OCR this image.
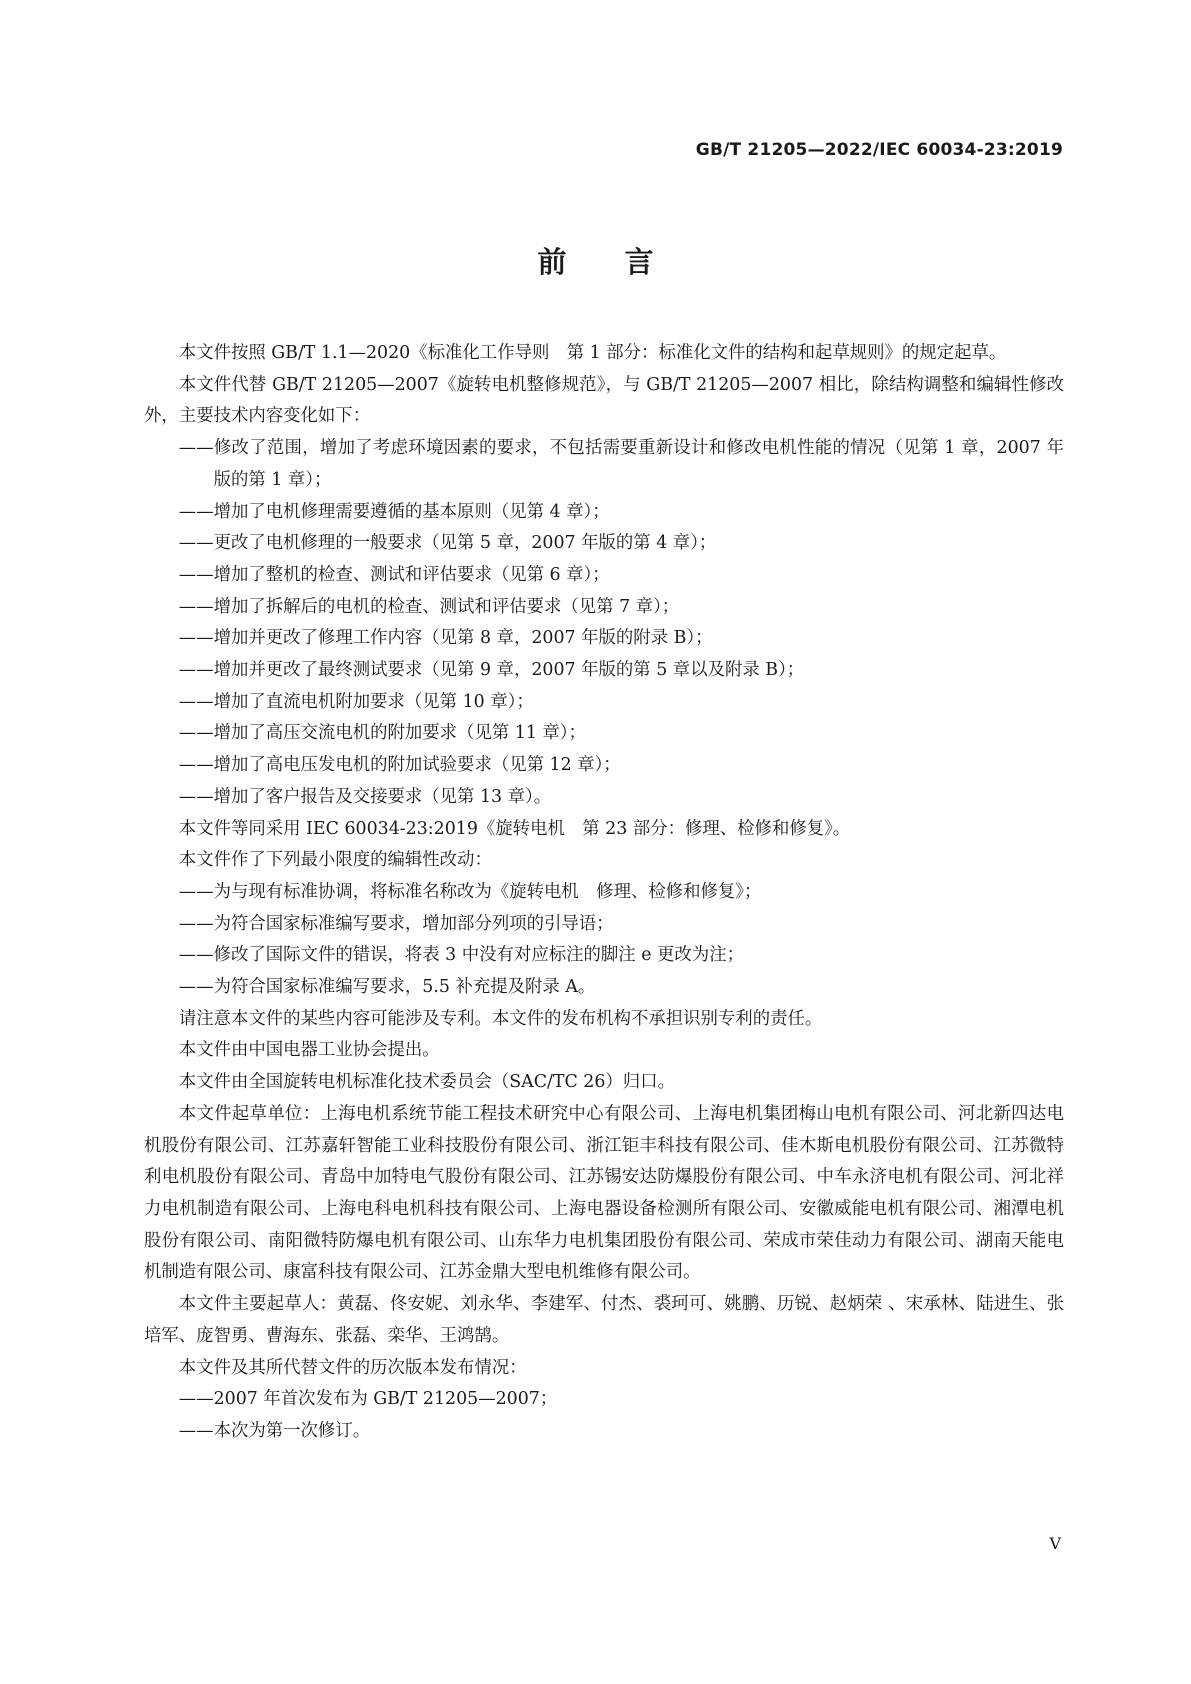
GB/T 21205—2022/IEC 60034-23:2019
前 言
本文件按照 GB/T 1.1—2020《标准化工作导则　第 1 部分：标准化文件的结构和起草规则》的规定起草。
本文件代替 GB/T 21205—2007《旋转电机整修规范》，与 GB/T 21205—2007 相比，除结构调整和编辑性修改外，主要技术内容变化如下：
——修改了范围，增加了考虑环境因素的要求，不包括需要重新设计和修改电机性能的情况（见第 1 章，2007 年版的第 1 章）；
——增加了电机修理需要遵循的基本原则（见第 4 章）；
——更改了电机修理的一般要求（见第 5 章，2007 年版的第 4 章）；
——增加了整机的检查、测试和评估要求（见第 6 章）；
——增加了拆解后的电机的检查、测试和评估要求（见第 7 章）；
——增加并更改了修理工作内容（见第 8 章，2007 年版的附录 B）；
——增加并更改了最终测试要求（见第 9 章，2007 年版的第 5 章以及附录 B）；
——增加了直流电机附加要求（见第 10 章）；
——增加了高压交流电机的附加要求（见第 11 章）；
——增加了高电压发电机的附加试验要求（见第 12 章）；
——增加了客户报告及交接要求（见第 13 章）。
本文件等同采用 IEC 60034-23:2019《旋转电机　第 23 部分：修理、检修和修复》。
本文件作了下列最小限度的编辑性改动：
——为与现有标准协调，将标准名称改为《旋转电机　修理、检修和修复》；
——为符合国家标准编写要求，增加部分列项的引导语；
——修改了国际文件的错误，将表 3 中没有对应标注的脚注 e 更改为注；
——为符合国家标准编写要求，5.5 补充提及附录 A。
请注意本文件的某些内容可能涉及专利。本文件的发布机构不承担识别专利的责任。
本文件由中国电器工业协会提出。
本文件由全国旋转电机标准化技术委员会（SAC/TC 26）归口。
本文件起草单位：上海电机系统节能工程技术研究中心有限公司、上海电机集团梅山电机有限公司、河北新四达电机股份有限公司、江苏嘉轩智能工业科技股份有限公司、浙江钜丰科技有限公司、佳木斯电机股份有限公司、江苏微特利电机股份有限公司、青岛中加特电气股份有限公司、江苏锡安达防爆股份有限公司、中车永济电机有限公司、河北祥力电机制造有限公司、上海电科电机科技有限公司、上海电器设备检测所有限公司、安徽威能电机有限公司、湘潭电机股份有限公司、南阳微特防爆电机有限公司、山东华力电机集团股份有限公司、荣成市荣佳动力有限公司、湖南天能电机制造有限公司、康富科技有限公司、江苏金鼎大型电机维修有限公司。
本文件主要起草人：黄磊、佟安妮、刘永华、李建军、付杰、裘珂可、姚鹏、历锐、赵炳荣 、宋承林、陆进生、张培军、庞智勇、曹海东、张磊、栾华、王鸿鹄。
本文件及其所代替文件的历次版本发布情况：
——2007 年首次发布为 GB/T 21205—2007；
——本次为第一次修订。
V
